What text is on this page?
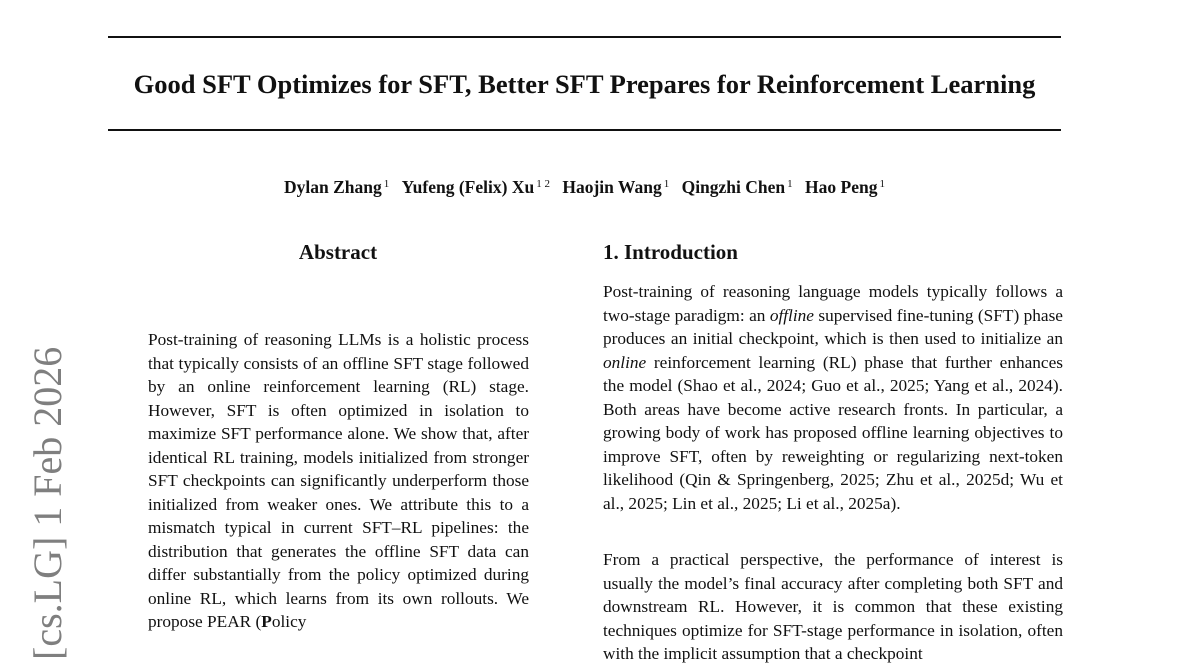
Good SFT Optimizes for SFT, Better SFT Prepares for Reinforcement Learning
Dylan Zhang $^1$ Yufeng (Felix) Xu $^{1 2}$ Haojin Wang $^1$ Qingzhi Chen $^1$ Hao Peng $^1$
Abstract

Post-training of reasoning LLMs is a holistic process that typically consists of an offline SFT stage followed by an online reinforcement learning (RL) stage. However, SFT is often optimized in isolation to maximize SFT performance alone. We show that, after identical RL training, models initialized from stronger SFT checkpoints can significantly underperform those initialized from weaker ones. We attribute this to a mismatch typical in current SFT–RL pipelines: the distribution that generates the offline SFT data can differ substantially from the policy optimized during online RL, which learns from its own rollouts. We propose PEAR (Policy

1. Introduction

Post-training of reasoning language models typically follows a two-stage paradigm: an offline supervised fine-tuning (SFT) phase produces an initial checkpoint, which is then used to initialize an online reinforcement learning (RL) phase that further enhances the model (Shao et al., 2024; Guo et al., 2025; Yang et al., 2024). Both areas have become active research fronts. In particular, a growing body of work has proposed offline learning objectives to improve SFT, often by reweighting or regularizing next-token likelihood (Qin & Springenberg, 2025; Zhu et al., 2025d; Wu et al., 2025; Lin et al., 2025; Li et al., 2025a).

From a practical perspective, the performance of interest is usually the model’s final accuracy after completing both SFT and downstream RL. However, it is common that these existing techniques optimize for SFT-stage performance in isolation, often with the implicit assumption that a checkpoint

[cs.LG] 1 Feb 2026
